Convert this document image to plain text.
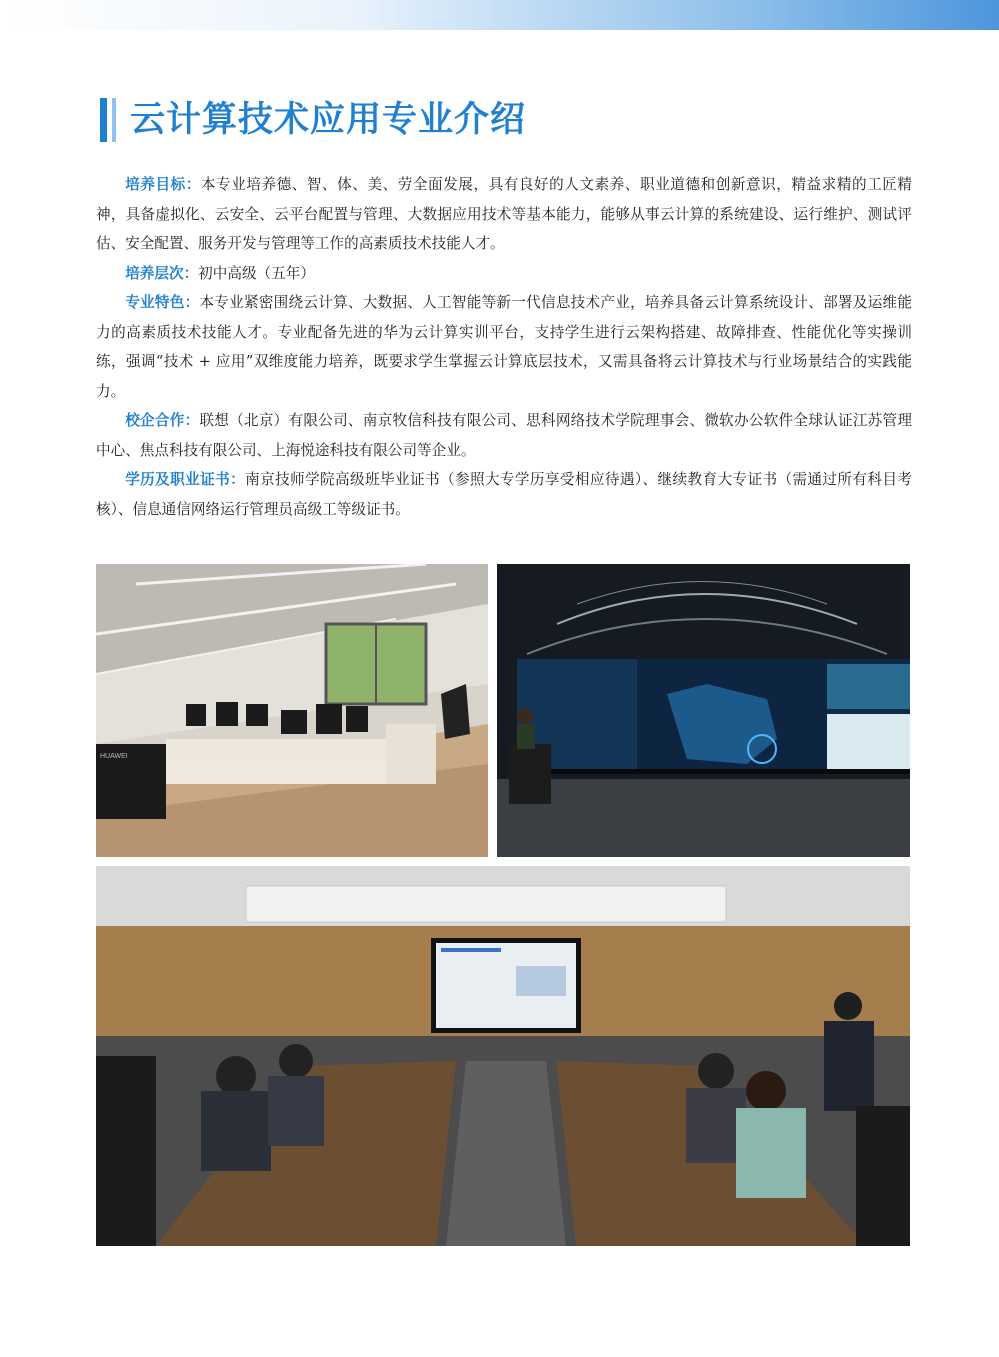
云计算技术应用专业介绍

培养目标：本专业培养德、智、体、美、劳全面发展，具有良好的人文素养、职业道德和创新意识，精益求精的工匠精神，具备虚拟化、云安全、云平台配置与管理、大数据应用技术等基本能力，能够从事云计算的系统建设、运行维护、测试评估、安全配置、服务开发与管理等工作的高素质技术技能人才。

培养层次：初中高级（五年）

专业特色：本专业紧密围绕云计算、大数据、人工智能等新一代信息技术产业，培养具备云计算系统设计、部署及运维能力的高素质技术技能人才。专业配备先进的华为云计算实训平台，支持学生进行云架构搭建、故障排查、性能优化等实操训练，强调“技术 + 应用”双维度能力培养，既要求学生掌握云计算底层技术，又需具备将云计算技术与行业场景结合的实践能力。

校企合作：联想（北京）有限公司、南京牧信科技有限公司、思科网络技术学院理事会、微软办公软件全球认证江苏管理中心、焦点科技有限公司、上海悦途科技有限公司等企业。

学历及职业证书：南京技师学院高级班毕业证书（参照大专学历享受相应待遇）、继续教育大专证书（需通过所有科目考核）、信息通信网络运行管理员高级工等级证书。

HUAWEI
